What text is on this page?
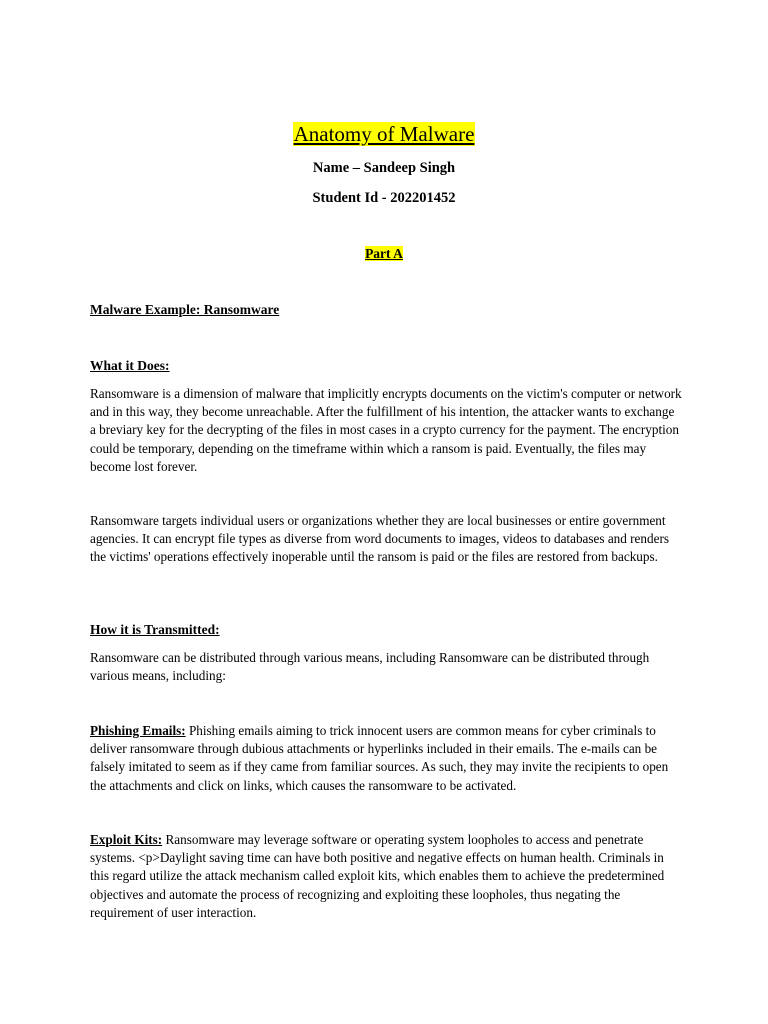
Anatomy of Malware
Name – Sandeep Singh
Student Id - 202201452
Part A
Malware Example: Ransomware
What it Does:
Ransomware is a dimension of malware that implicitly encrypts documents on the victim's computer or network and in this way, they become unreachable. After the fulfillment of his intention, the attacker wants to exchange a breviary key for the decrypting of the files in most cases in a crypto currency for the payment. The encryption could be temporary, depending on the timeframe within which a ransom is paid. Eventually, the files may become lost forever.
Ransomware targets individual users or organizations whether they are local businesses or entire government agencies. It can encrypt file types as diverse from word documents to images, videos to databases and renders the victims' operations effectively inoperable until the ransom is paid or the files are restored from backups.
How it is Transmitted:
Ransomware can be distributed through various means, including Ransomware can be distributed through various means, including:
Phishing Emails: Phishing emails aiming to trick innocent users are common means for cyber criminals to deliver ransomware through dubious attachments or hyperlinks included in their emails. The e-mails can be falsely imitated to seem as if they came from familiar sources. As such, they may invite the recipients to open the attachments and click on links, which causes the ransomware to be activated.
Exploit Kits: Ransomware may leverage software or operating system loopholes to access and penetrate systems. <p>Daylight saving time can have both positive and negative effects on human health. Criminals in this regard utilize the attack mechanism called exploit kits, which enables them to achieve the predetermined objectives and automate the process of recognizing and exploiting these loopholes, thus negating the requirement of user interaction.
